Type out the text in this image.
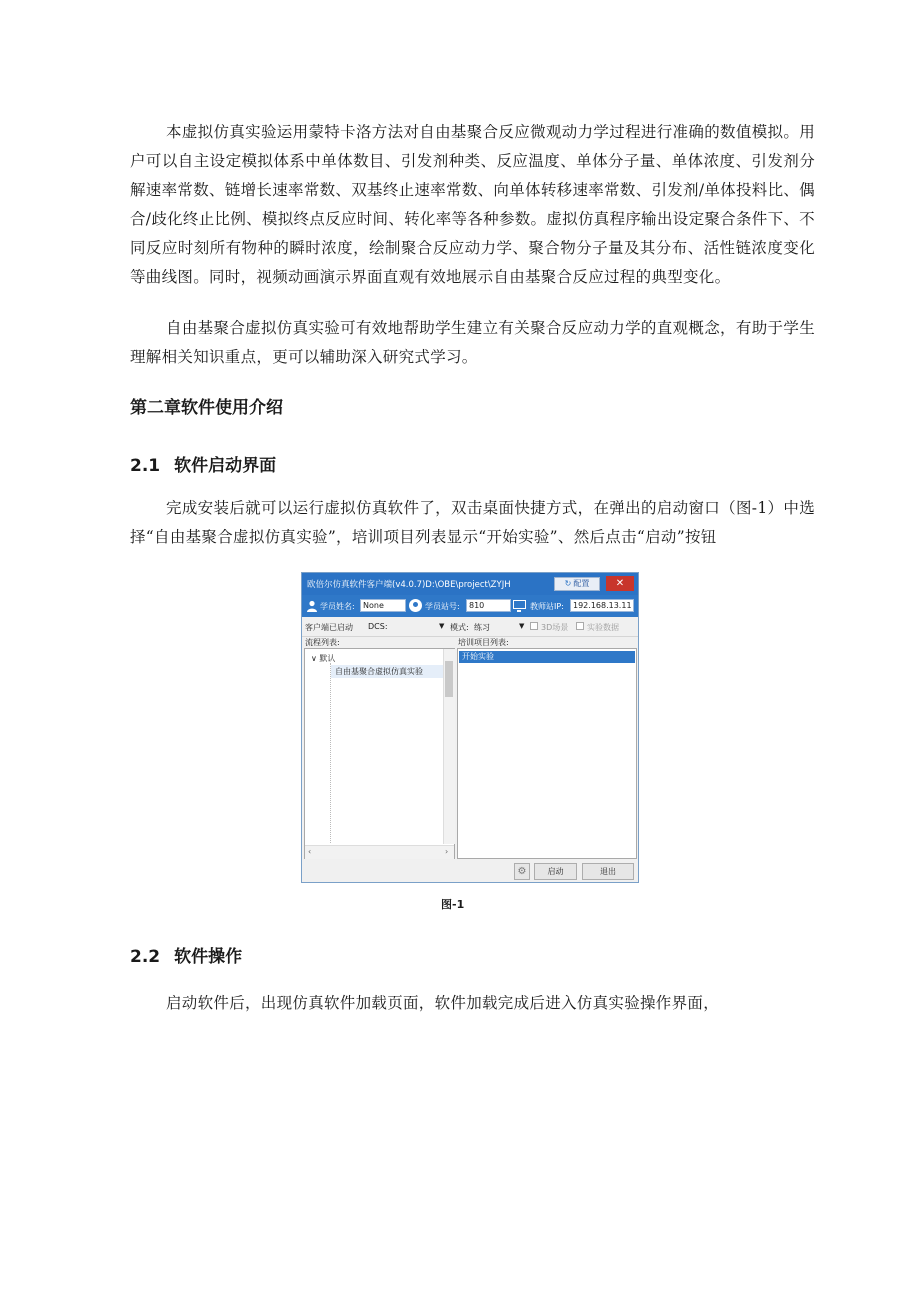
本虚拟仿真实验运用蒙特卡洛方法对自由基聚合反应微观动力学过程进行准确的数值模拟。用户可以自主设定模拟体系中单体数目、引发剂种类、反应温度、单体分子量、单体浓度、引发剂分解速率常数、链增长速率常数、双基终止速率常数、向单体转移速率常数、引发剂/单体投料比、偶合/歧化终止比例、模拟终点反应时间、转化率等各种参数。虚拟仿真程序输出设定聚合条件下、不同反应时刻所有物种的瞬时浓度，绘制聚合反应动力学、聚合物分子量及其分布、活性链浓度变化等曲线图。同时，视频动画演示界面直观有效地展示自由基聚合反应过程的典型变化。

自由基聚合虚拟仿真实验可有效地帮助学生建立有关聚合反应动力学的直观概念，有助于学生理解相关知识重点，更可以辅助深入研究式学习。

第二章软件使用介绍
2.1 软件启动界面

完成安装后就可以运行虚拟仿真软件了，双击桌面快捷方式，在弹出的启动窗口（图-1）中选择“自由基聚合虚拟仿真实验”，培训项目列表显示“开始实验”、然后点击“启动”按钮

欧倍尔仿真软件客户端(v4.0.7)D:\OBE\project\ZYJH	↻ 配置	✕
学员姓名:	None	学员站号:	810	教师站IP:	192.168.13.11
客户端已启动 DCS:	▼ 模式: 练习	▼ 3D场景 实验数据
流程列表:	培训项目列表:
∨ 默认
自由基聚合虚拟仿真实验
‹	›
开始实验
⚙	启动	退出
图-1
2.2 软件操作

启动软件后，出现仿真软件加载页面，软件加载完成后进入仿真实验操作界面，
